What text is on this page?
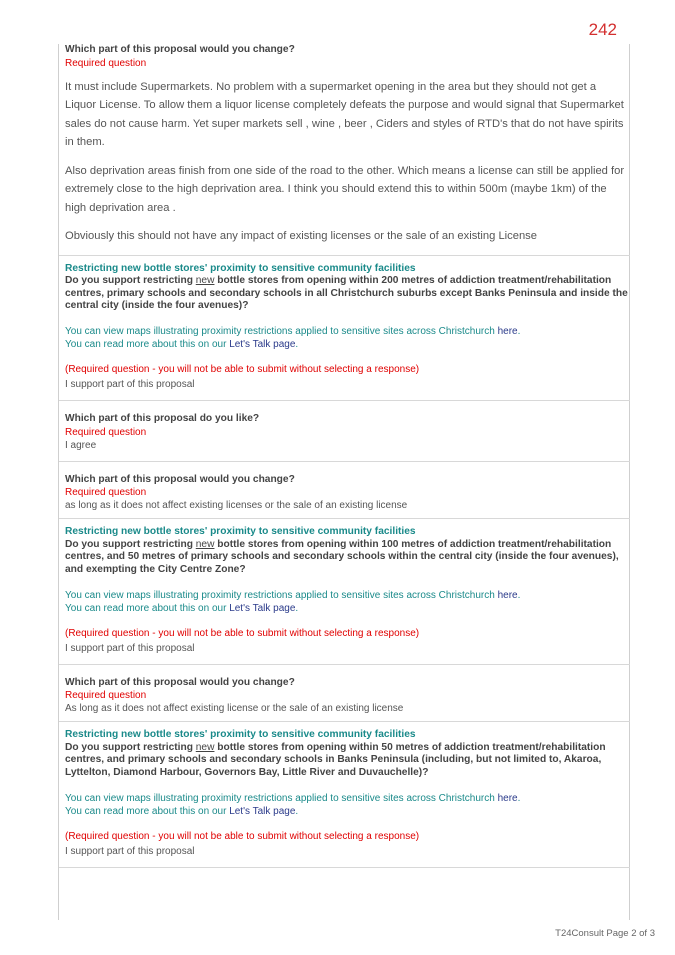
242
Which part of this proposal would you change?
Required question

It must include Supermarkets. No problem with a supermarket opening in the area but they should not get a Liquor License. To allow them a liquor license completely defeats the purpose and would signal that Supermarket sales do not cause harm. Yet super markets sell , wine , beer , Ciders and styles of RTD's that do not have spirits in them.

Also deprivation areas finish from one side of the road to the other. Which means a license can still be applied for extremely close to the high deprivation area. I think you should extend this to within 500m (maybe 1km) of the high deprivation area .

Obviously this should not have any impact of existing licenses or the sale of an existing License

Restricting new bottle stores' proximity to sensitive community facilities
Do you support restricting new bottle stores from opening within 200 metres of addiction treatment/rehabilitation centres, primary schools and secondary schools in all Christchurch suburbs except Banks Peninsula and inside the central city (inside the four avenues)?
You can view maps illustrating proximity restrictions applied to sensitive sites across Christchurch here.
You can read more about this on our Let's Talk page.
(Required question - you will not be able to submit without selecting a response)
I support part of this proposal
Which part of this proposal do you like?
Required question
I agree
Which part of this proposal would you change?
Required question
as long as it does not affect existing licenses or the sale of an existing license
Restricting new bottle stores' proximity to sensitive community facilities
Do you support restricting new bottle stores from opening within 100 metres of addiction treatment/rehabilitation centres, and 50 metres of primary schools and secondary schools within the central city (inside the four avenues), and exempting the City Centre Zone?
You can view maps illustrating proximity restrictions applied to sensitive sites across Christchurch here.
You can read more about this on our Let's Talk page.
(Required question - you will not be able to submit without selecting a response)
I support part of this proposal
Which part of this proposal would you change?
Required question
As long as it does not affect existing license or the sale of an existing license
Restricting new bottle stores' proximity to sensitive community facilities
Do you support restricting new bottle stores from opening within 50 metres of addiction treatment/rehabilitation centres, and primary schools and secondary schools in Banks Peninsula (including, but not limited to, Akaroa, Lyttelton, Diamond Harbour, Governors Bay, Little River and Duvauchelle)?
You can view maps illustrating proximity restrictions applied to sensitive sites across Christchurch here.
You can read more about this on our Let's Talk page.
(Required question - you will not be able to submit without selecting a response)
I support part of this proposal
T24Consult Page 2 of 3
